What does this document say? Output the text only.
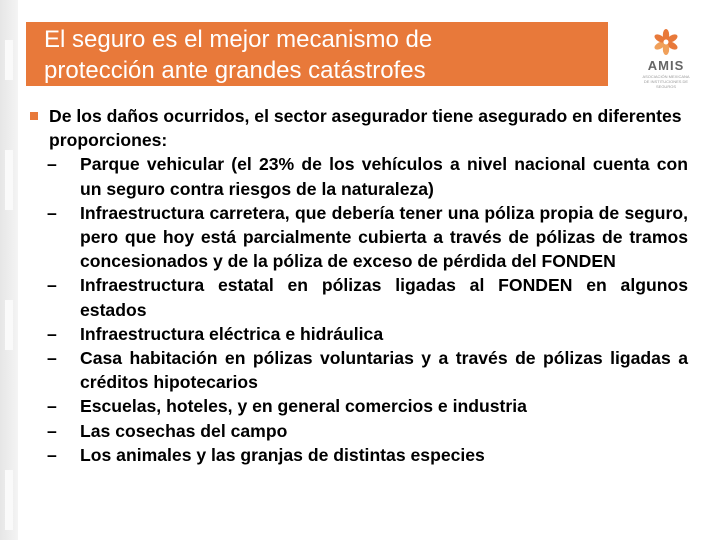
El seguro es el mejor mecanismo de
protección ante grandes catástrofes	AMIS
ASOCIACIÓN MEXICANA DE INSTITUCIONES DE SEGUROS
De los daños ocurridos, el sector asegurador tiene asegurado en diferentes proporciones:
– Parque vehicular (el 23% de los vehículos a nivel nacional cuenta con un seguro contra riesgos de la naturaleza)
– Infraestructura carretera, que debería tener una póliza propia de seguro, pero que hoy está parcialmente cubierta a través de pólizas de tramos concesionados y de la póliza de exceso de pérdida del FONDEN
– Infraestructura estatal en pólizas ligadas al FONDEN en algunos estados
– Infraestructura eléctrica e hidráulica
– Casa habitación en pólizas voluntarias y a través de pólizas ligadas a créditos hipotecarios
– Escuelas, hoteles, y en general comercios e industria
– Las cosechas del campo
– Los animales y las granjas de distintas especies
